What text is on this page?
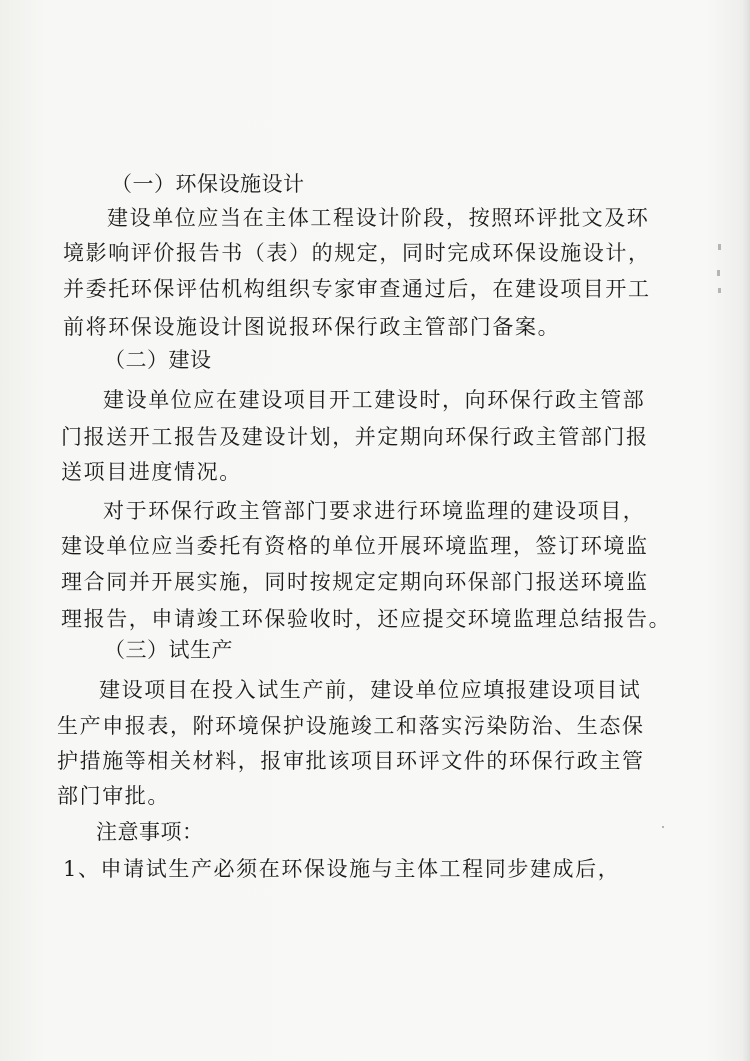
（一）环保设施设计
建设单位应当在主体工程设计阶段，按照环评批文及环
境影响评价报告书（表）的规定，同时完成环保设施设计，
并委托环保评估机构组织专家审查通过后，在建设项目开工
前将环保设施设计图说报环保行政主管部门备案。
（二）建设
建设单位应在建设项目开工建设时，向环保行政主管部
门报送开工报告及建设计划，并定期向环保行政主管部门报
送项目进度情况。
对于环保行政主管部门要求进行环境监理的建设项目，
建设单位应当委托有资格的单位开展环境监理，签订环境监
理合同并开展实施，同时按规定定期向环保部门报送环境监
理报告，申请竣工环保验收时，还应提交环境监理总结报告。
（三）试生产
建设项目在投入试生产前，建设单位应填报建设项目试
生产申报表，附环境保护设施竣工和落实污染防治、生态保
护措施等相关材料，报审批该项目环评文件的环保行政主管
部门审批。
注意事项：
1、申请试生产必须在环保设施与主体工程同步建成后，
